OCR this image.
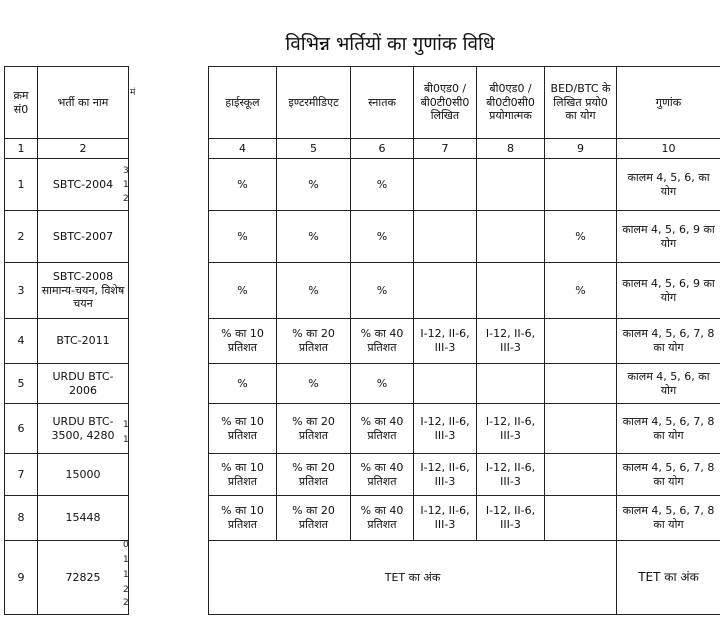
विभिन्न भर्तियों का गुणांक विधि
क्रम सं0	भर्ती का नाम
1	2
1	SBTC-2004
2	SBTC-2007
3	SBTC-2008 सामान्य-चयन, विशेष चयन
4	BTC-2011
5	URDU BTC-2006
6	URDU BTC-3500, 4280
7	15000
8	15448
9	72825
मं
3
1
2
1
1
0
1
1
2
2
हाईस्कूल	इण्टरमीडिएट	स्नातक	बी0एड0 / बी0टी0सी0 लिखित	बी0एड0 / बी0टी0सी0 प्रयोगात्मक	BED/BTC के लिखित प्रयो0 का योग	गुणांक
4	5	6	7	8	9	10
%	%	%				कालम 4, 5, 6, का योग
%	%	%			%	कालम 4, 5, 6, 9 का योग
%	%	%			%	कालम 4, 5, 6, 9 का योग
% का 10 प्रतिशत	% का 20 प्रतिशत	% का 40 प्रतिशत	I-12, II-6, III-3	I-12, II-6, III-3		कालम 4, 5, 6, 7, 8 का योग
%	%	%				कालम 4, 5, 6, का योग
% का 10 प्रतिशत	% का 20 प्रतिशत	% का 40 प्रतिशत	I-12, II-6, III-3	I-12, II-6, III-3		कालम 4, 5, 6, 7, 8 का योग
% का 10 प्रतिशत	% का 20 प्रतिशत	% का 40 प्रतिशत	I-12, II-6, III-3	I-12, II-6, III-3		कालम 4, 5, 6, 7, 8 का योग
% का 10 प्रतिशत	% का 20 प्रतिशत	% का 40 प्रतिशत	I-12, II-6, III-3	I-12, II-6, III-3		कालम 4, 5, 6, 7, 8 का योग
TET का अंक						TET का अंक
